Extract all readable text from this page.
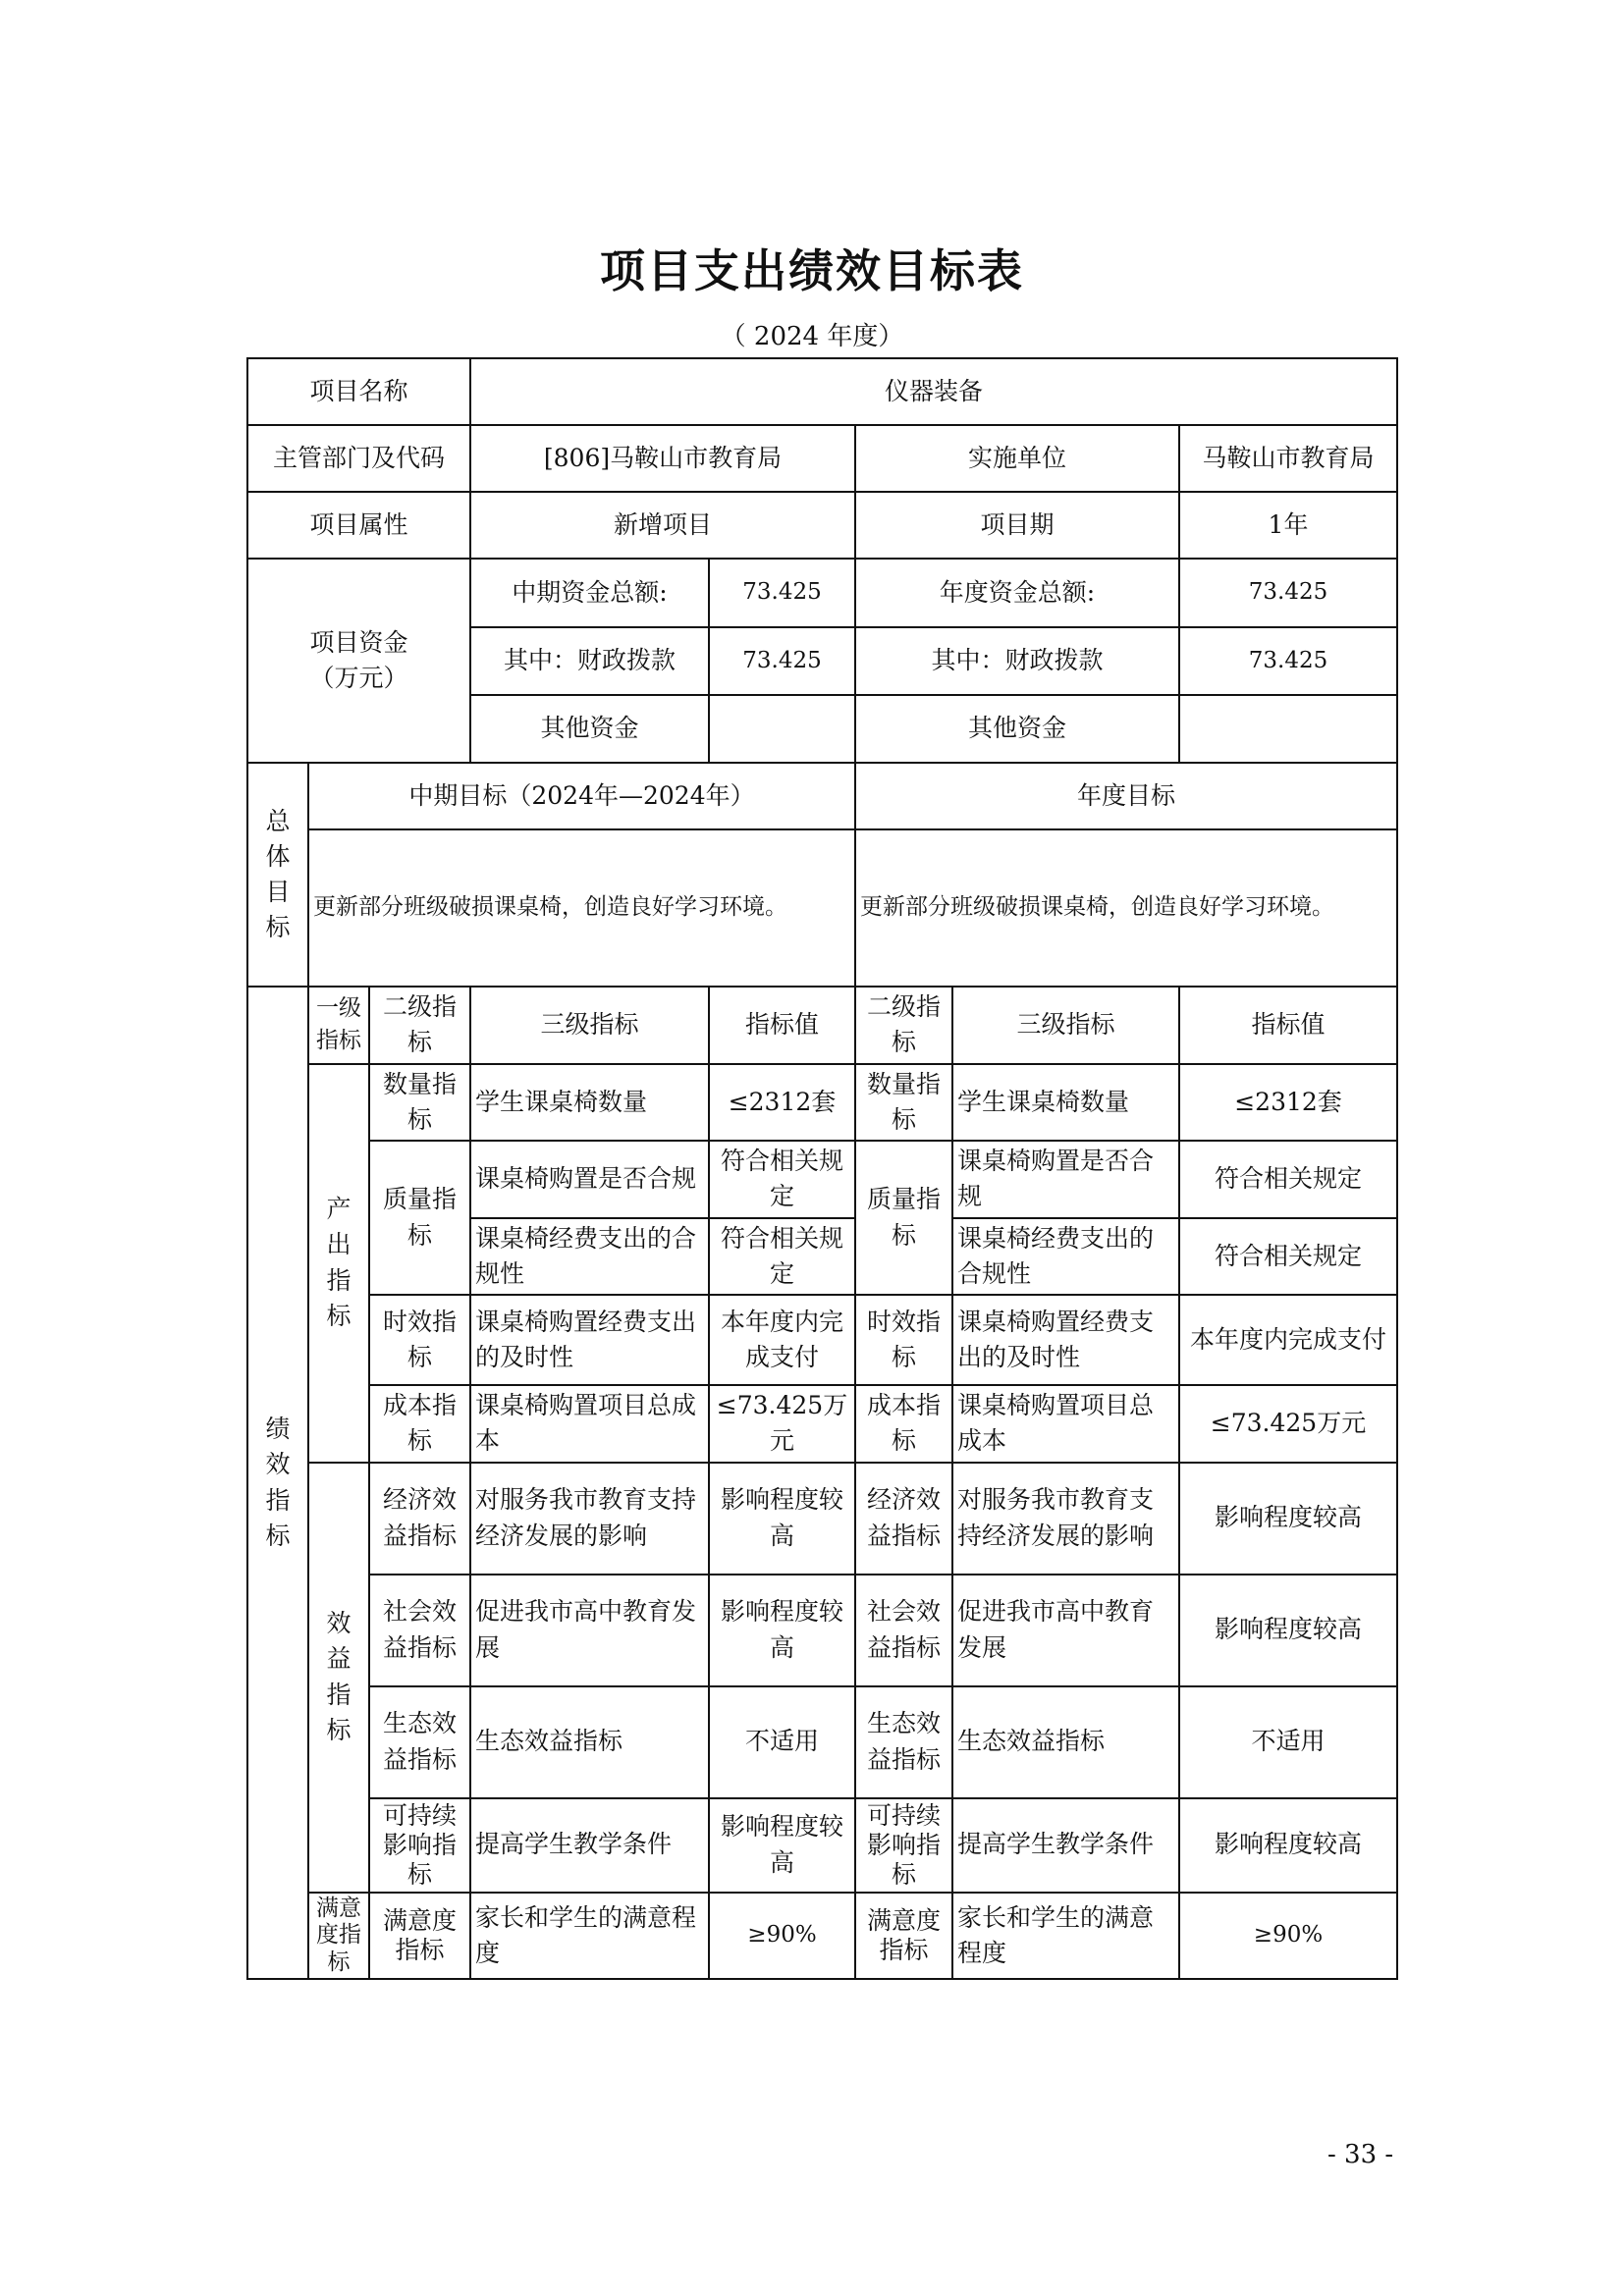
项目支出绩效目标表
（ 2024 年度）
项目名称			仪器装备				
主管部门及代码			[806]马鞍山市教育局		实施单位		马鞍山市教育局
项目属性			新增项目		项目期		1年
项目资金（万元）			中期资金总额:	73.425	年度资金总额:		73.425
			其中：财政拨款	73.425	其中：财政拨款		73.425
			其他资金		其他资金		
总体目标	中期目标（2024年—2024年）				年度目标		
	更新部分班级破损课桌椅，创造良好学习环境。				更新部分班级破损课桌椅，创造良好学习环境。		
绩效指标	一级指标	二级指标	三级指标	指标值	二级指标	三级指标	指标值
	产出指标	数量指标	学生课桌椅数量	≤2312套	数量指标	学生课桌椅数量	≤2312套
		质量指标	课桌椅购置是否合规	符合相关规定	质量指标	课桌椅购置是否合规	符合相关规定
			课桌椅经费支出的合规性	符合相关规定		课桌椅经费支出的合规性	符合相关规定
		时效指标	课桌椅购置经费支出的及时性	本年度内完成支付	时效指标	课桌椅购置经费支出的及时性	本年度内完成支付
		成本指标	课桌椅购置项目总成本	≤73.425万元	成本指标	课桌椅购置项目总成本	≤73.425万元
	效益指标	经济效益指标	对服务我市教育支持经济发展的影响	影响程度较高	经济效益指标	对服务我市教育支持经济发展的影响	影响程度较高
		社会效益指标	促进我市高中教育发展	影响程度较高	社会效益指标	促进我市高中教育发展	影响程度较高
		生态效益指标	生态效益指标	不适用	生态效益指标	生态效益指标	不适用
		可持续影响指标	提高学生教学条件	影响程度较高	可持续影响指标	提高学生教学条件	影响程度较高
	满意度指标	满意度指标	家长和学生的满意程度	≥90%	满意度指标	家长和学生的满意程度	≥90%
- 33 -
